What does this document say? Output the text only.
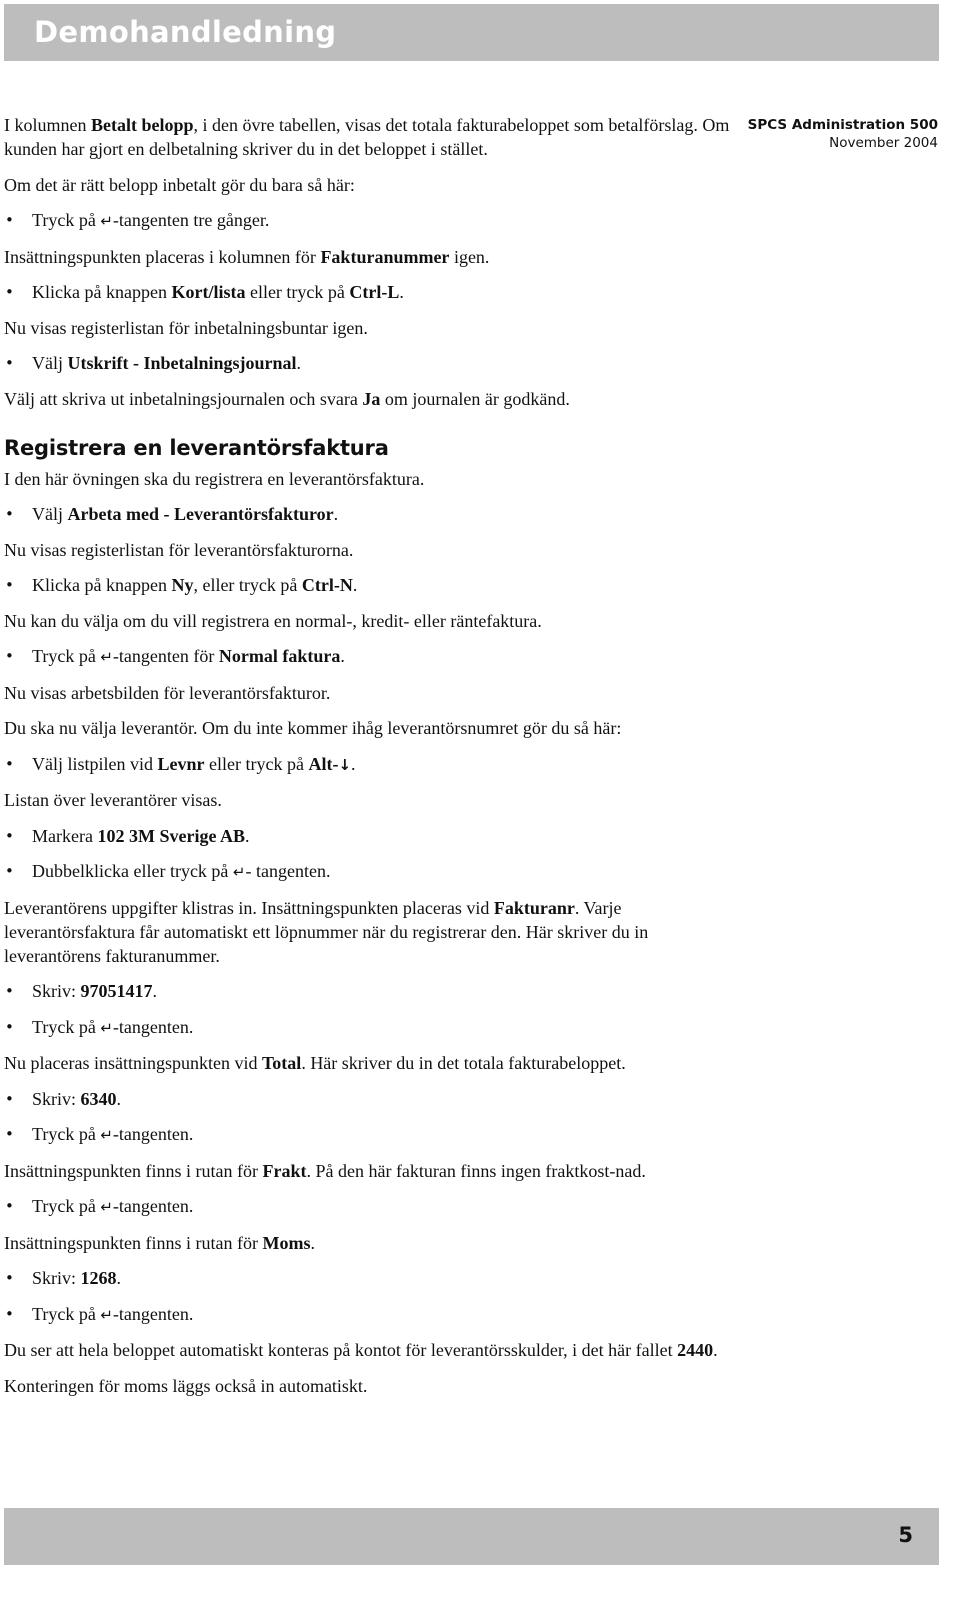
Demohandledning
SPCS Administration 500
November 2004

I kolumnen Betalt belopp, i den övre tabellen, visas det totala fakturabeloppet som betalförslag. Om kunden har gjort en delbetalning skriver du in det beloppet i stället.

Om det är rätt belopp inbetalt gör du bara så här:

• Tryck på ↵-tangenten tre gånger.

Insättningspunkten placeras i kolumnen för Fakturanummer igen.

• Klicka på knappen Kort/lista eller tryck på Ctrl-L.

Nu visas registerlistan för inbetalningsbuntar igen.

• Välj Utskrift - Inbetalningsjournal.

Välj att skriva ut inbetalningsjournalen och svara Ja om journalen är godkänd.

Registrera en leverantörsfaktura

I den här övningen ska du registrera en leverantörsfaktura.

• Välj Arbeta med - Leverantörsfakturor.

Nu visas registerlistan för leverantörsfakturorna.

• Klicka på knappen Ny, eller tryck på Ctrl-N.

Nu kan du välja om du vill registrera en normal-, kredit- eller räntefaktura.

• Tryck på ↵-tangenten för Normal faktura.

Nu visas arbetsbilden för leverantörsfakturor.

Du ska nu välja leverantör. Om du inte kommer ihåg leverantörsnumret gör du så här:

• Välj listpilen vid Levnr eller tryck på Alt-↓.

Listan över leverantörer visas.

• Markera 102 3M Sverige AB.
• Dubbelklicka eller tryck på ↵- tangenten.

Leverantörens uppgifter klistras in. Insättningspunkten placeras vid Fakturanr. Varje leverantörsfaktura får automatiskt ett löpnummer när du registrerar den. Här skriver du in leverantörens fakturanummer.

• Skriv: 97051417.
• Tryck på ↵-tangenten.

Nu placeras insättningspunkten vid Total. Här skriver du in det totala fakturabeloppet.

• Skriv: 6340.
• Tryck på ↵-tangenten.

Insättningspunkten finns i rutan för Frakt. På den här fakturan finns ingen fraktkost-nad.

• Tryck på ↵-tangenten.

Insättningspunkten finns i rutan för Moms.

• Skriv: 1268.
• Tryck på ↵-tangenten.

Du ser att hela beloppet automatiskt konteras på kontot för leverantörsskulder, i det här fallet 2440.

Konteringen för moms läggs också in automatiskt.

5
